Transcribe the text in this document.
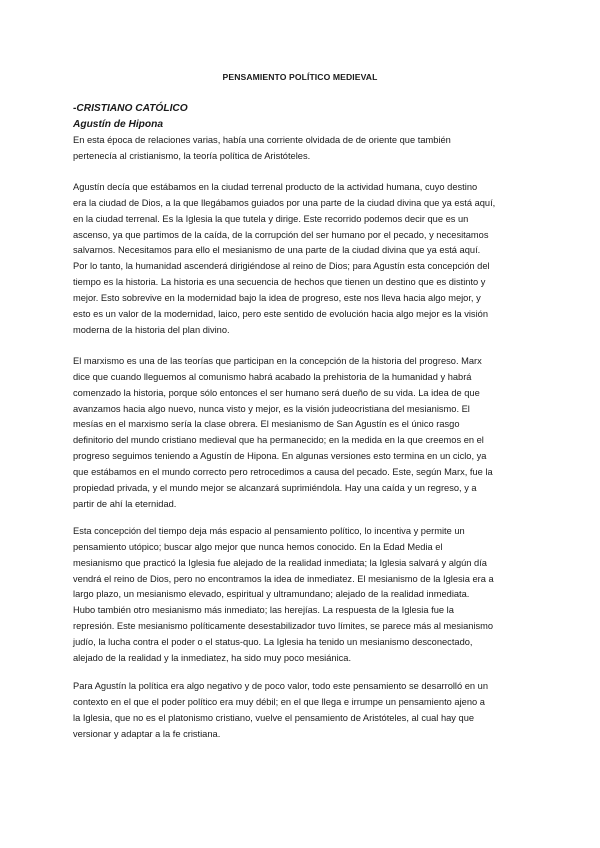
PENSAMIENTO POLÍTICO MEDIEVAL
-CRISTIANO CATÓLICO
Agustín de Hipona

En esta época de relaciones varias, había una corriente olvidada de de oriente que también
pertenecía al cristianismo, la teoría política de Aristóteles.

Agustín decía que estábamos en la ciudad terrenal producto de la actividad humana, cuyo destino
era la ciudad de Dios, a la que llegábamos guiados por una parte de la ciudad divina que ya está aquí,
en la ciudad terrenal. Es la Iglesia la que tutela y dirige. Este recorrido podemos decir que es un
ascenso, ya que partimos de la caída, de la corrupción del ser humano por el pecado, y necesitamos
salvarnos. Necesitamos para ello el mesianismo de una parte de la ciudad divina que ya está aquí.
Por lo tanto, la humanidad ascenderá dirigiéndose al reino de Dios; para Agustín esta concepción del
tiempo es la historia. La historia es una secuencia de hechos que tienen un destino que es distinto y
mejor. Esto sobrevive en la modernidad bajo la idea de progreso, este nos lleva hacia algo mejor, y
esto es un valor de la modernidad, laico, pero este sentido de evolución hacia algo mejor es la visión
moderna de la historia del plan divino.

El marxismo es una de las teorías que participan en la concepción de la historia del progreso. Marx
dice que cuando lleguemos al comunismo habrá acabado la prehistoria de la humanidad y habrá
comenzado la historia, porque sólo entonces el ser humano será dueño de su vida. La idea de que
avanzamos hacia algo nuevo, nunca visto y mejor, es la visión judeocristiana del mesianismo. El
mesías en el marxismo sería la clase obrera. El mesianismo de San Agustín es el único rasgo
definitorio del mundo cristiano medieval que ha permanecido; en la medida en la que creemos en el
progreso seguimos teniendo a Agustín de Hipona. En algunas versiones esto termina en un ciclo, ya
que estábamos en el mundo correcto pero retrocedimos a causa del pecado. Este, según Marx, fue la
propiedad privada, y el mundo mejor se alcanzará suprimiéndola. Hay una caída y un regreso, y a
partir de ahí la eternidad.

Esta concepción del tiempo deja más espacio al pensamiento político, lo incentiva y permite un
pensamiento utópico; buscar algo mejor que nunca hemos conocido. En la Edad Media el
mesianismo que practicó la Iglesia fue alejado de la realidad inmediata; la Iglesia salvará y algún día
vendrá el reino de Dios, pero no encontramos la idea de inmediatez. El mesianismo de la Iglesia era a
largo plazo, un mesianismo elevado, espiritual y ultramundano; alejado de la realidad inmediata.
Hubo también otro mesianismo más inmediato; las herejías. La respuesta de la Iglesia fue la
represión. Este mesianismo políticamente desestabilizador tuvo límites, se parece más al mesianismo
judío, la lucha contra el poder o el status-quo. La Iglesia ha tenido un mesianismo desconectado,
alejado de la realidad y la inmediatez, ha sido muy poco mesiánica.

Para Agustín la política era algo negativo y de poco valor, todo este pensamiento se desarrolló en un
contexto en el que el poder político era muy débil; en el que llega e irrumpe un pensamiento ajeno a
la Iglesia, que no es el platonismo cristiano, vuelve el pensamiento de Aristóteles, al cual hay que
versionar y adaptar a la fe cristiana.
